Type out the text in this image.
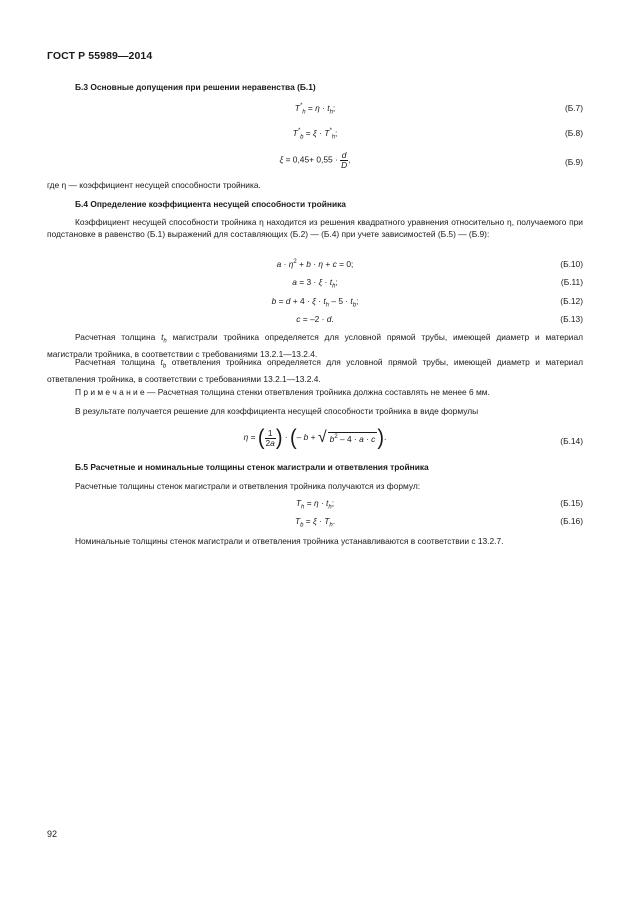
ГОСТ Р 55989—2014
Б.3 Основные допущения при решении неравенства (Б.1)
$T^*_h = \eta \cdot t_h$;	(Б.7)
$T^*_b = \xi \cdot T^*_h$;	(Б.8)
$\xi = 0,45+ 0,55 \cdot \frac{d}{D}$ ,	(Б.9)
где η — коэффициент несущей способности тройника.
Б.4 Определение коэффициента несущей способности тройника
Коэффициент несущей способности тройника η находится из решения квадратного уравнения относительно η, получаемого при подстановке в равенство (Б.1) выражений для составляющих (Б.2) — (Б.4) при учете зависимостей (Б.5) — (Б.9):
$a \cdot \eta^2 + b \cdot \eta + c = 0$;	(Б.10)
$a = 3 \cdot \xi \cdot t_h$;	(Б.11)
$b = d + 4 \cdot \xi \cdot t_h - 5 \cdot t_b$;	(Б.12)
c = –2 · d.	(Б.13)
Расчетная толщина $t_h$ магистрали тройника определяется для условной прямой трубы, имеющей диаметр и материал магистрали тройника, в соответствии с требованиями 13.2.1—13.2.4.
Расчетная толщина $t_b$ ответвления тройника определяется для условной прямой трубы, имеющей диаметр и материал ответвления тройника, в соответствии с требованиями 13.2.1—13.2.4.
П р и м е ч а н и е — Расчетная толщина стенки ответвления тройника должна составлять не менее 6 мм.
В результате получается решение для коэффициента несущей способности тройника в виде формулы
η = ( $\frac{1}{2a}$ ) · (– b + √ $b^2 - 4 \cdot a \cdot c$ ).	(Б.14)
Б.5 Расчетные и номинальные толщины стенок магистрали и ответвления тройника
Расчетные толщины стенок магистрали и ответвления тройника получаются из формул:
$T_h = \eta \cdot t_h$;	(Б.15)
$T_b = \xi \cdot T_h$.	(Б.16)
Номинальные толщины стенок магистрали и ответвления тройника устанавливаются в соответствии с 13.2.7.
92
